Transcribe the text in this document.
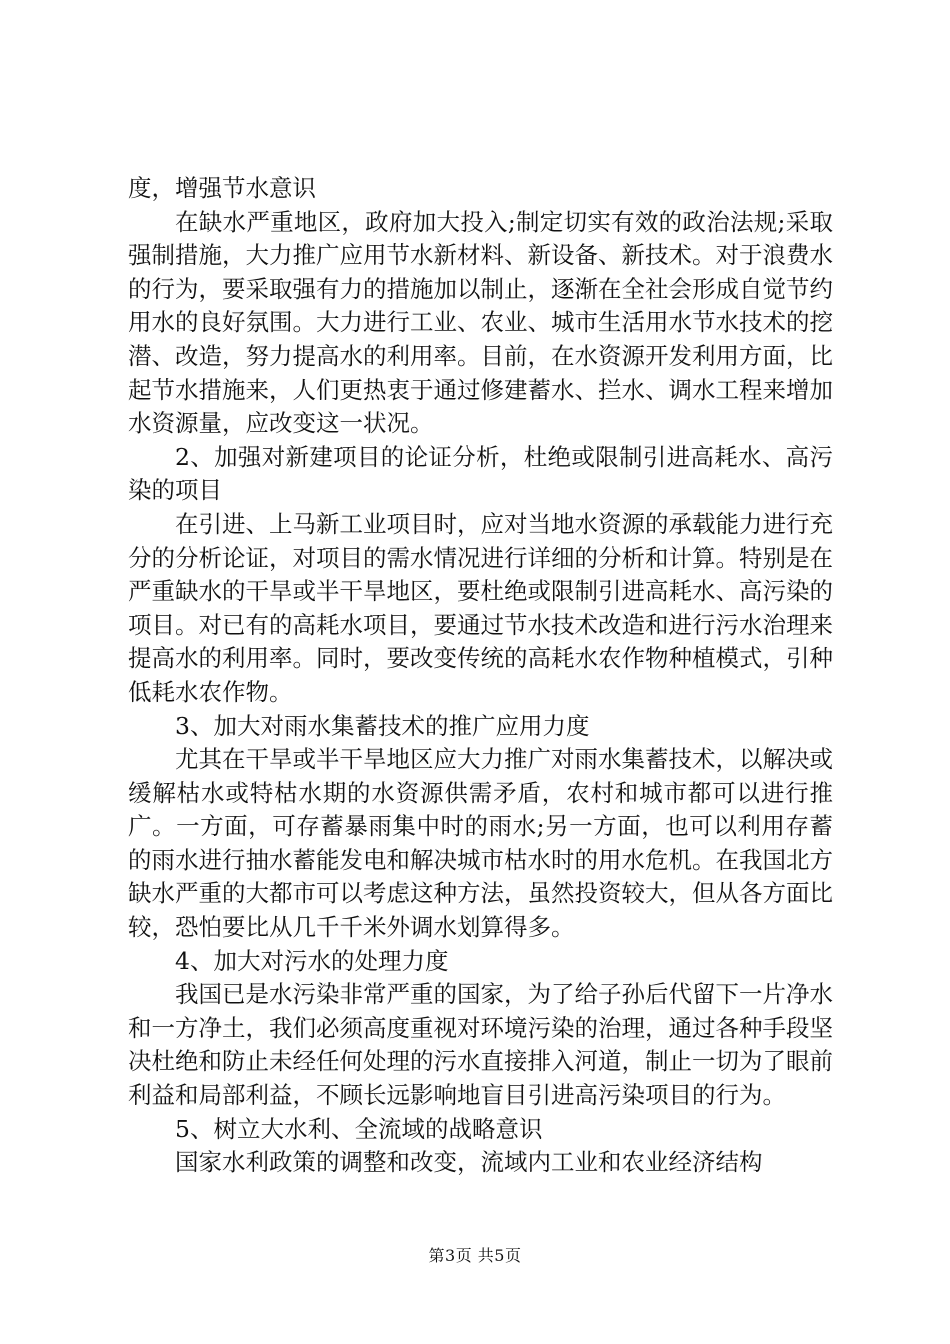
度，增强节水意识

在缺水严重地区，政府加大投入;制定切实有效的政治法规;采取强制措施，大力推广应用节水新材料、新设备、新技术。对于浪费水的行为，要采取强有力的措施加以制止，逐渐在全社会形成自觉节约用水的良好氛围。大力进行工业、农业、城市生活用水节水技术的挖潜、改造，努力提高水的利用率。目前，在水资源开发利用方面，比起节水措施来，人们更热衷于通过修建蓄水、拦水、调水工程来增加水资源量，应改变这一状况。

2、加强对新建项目的论证分析，杜绝或限制引进高耗水、高污染的项目

在引进、上马新工业项目时，应对当地水资源的承载能力进行充分的分析论证，对项目的需水情况进行详细的分析和计算。特别是在严重缺水的干旱或半干旱地区，要杜绝或限制引进高耗水、高污染的项目。对已有的高耗水项目，要通过节水技术改造和进行污水治理来提高水的利用率。同时，要改变传统的高耗水农作物种植模式，引种低耗水农作物。

3、加大对雨水集蓄技术的推广应用力度

尤其在干旱或半干旱地区应大力推广对雨水集蓄技术，以解决或缓解枯水或特枯水期的水资源供需矛盾，农村和城市都可以进行推广。一方面，可存蓄暴雨集中时的雨水;另一方面，也可以利用存蓄的雨水进行抽水蓄能发电和解决城市枯水时的用水危机。在我国北方缺水严重的大都市可以考虑这种方法，虽然投资较大，但从各方面比较，恐怕要比从几千千米外调水划算得多。

4、加大对污水的处理力度

我国已是水污染非常严重的国家，为了给子孙后代留下一片净水和一方净土，我们必须高度重视对环境污染的治理，通过各种手段坚决杜绝和防止未经任何处理的污水直接排入河道，制止一切为了眼前利益和局部利益，不顾长远影响地盲目引进高污染项目的行为。

5、树立大水利、全流域的战略意识

国家水利政策的调整和改变，流域内工业和农业经济结构

第3页 共5页
